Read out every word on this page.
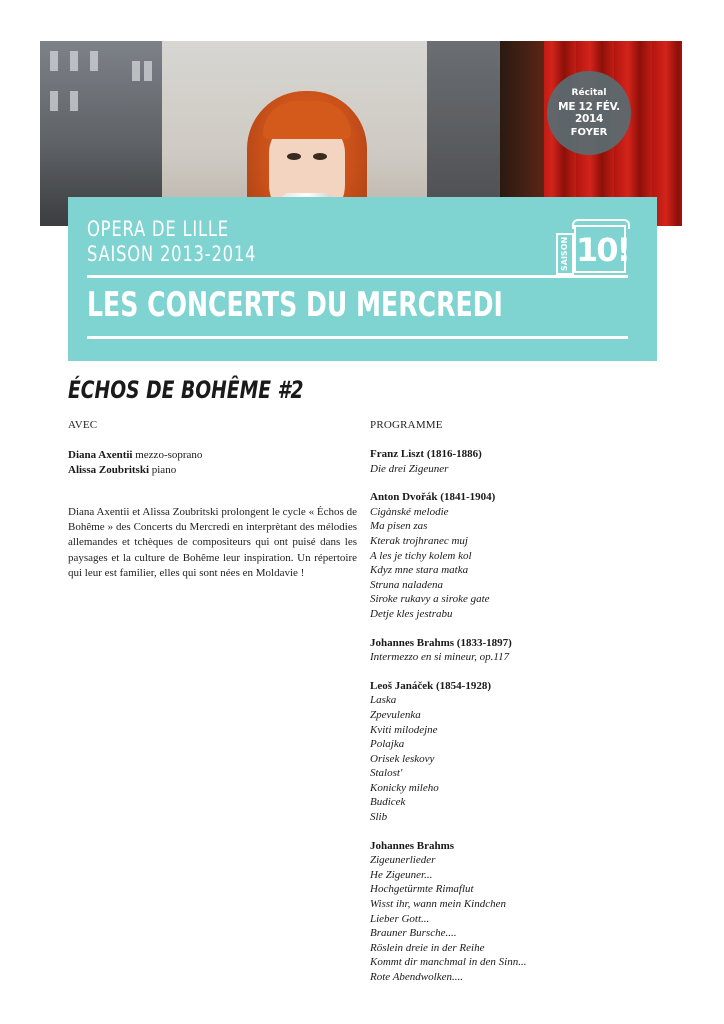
Récital
ME 12 FÉV. 2014
FOYER
OPERA DE LILLE
SAISON 2013-2014	SAISON 10!
LES CONCERTS DU MERCREDI
ÉCHOS DE BOHÊME #2
AVEC
Diana Axentii mezzo-soprano
Alissa Zoubritski piano
Diana Axentii et Alissa Zoubritski prolongent le cycle « Échos de Bohême » des Concerts du Mercredi en interprètant des mélodies allemandes et tchèques de compositeurs qui ont puisé dans les paysages et la culture de Bohême leur inspiration. Un répertoire qui leur est familier, elles qui sont nées en Moldavie !
PROGRAMME
Franz Liszt (1816-1886)
Die drei Zigeuner
Anton Dvořák (1841-1904)
Cigànské melodie
Ma pisen zas
Kterak trojhranec muj
A les je tichy kolem kol
Kdyz mne stara matka
Struna naladena
Siroke rukavy a siroke gate
Detje kles jestrabu
Johannes Brahms (1833-1897)
Intermezzo en si mineur, op.117
Leoš Janáček (1854-1928)
Laska
Zpevulenka
Kviti milodejne
Polajka
Orisek leskovy
Stalost'
Konicky mileho
Budicek
Slib
Johannes Brahms
Zigeunerlieder
He Zigeuner...
Hochgetürmte Rimaflut
Wisst ihr, wann mein Kindchen
Lieber Gott...
Brauner Bursche....
Röslein dreie in der Reihe
Kommt dir manchmal in den Sinn...
Rote Abendwolken....
